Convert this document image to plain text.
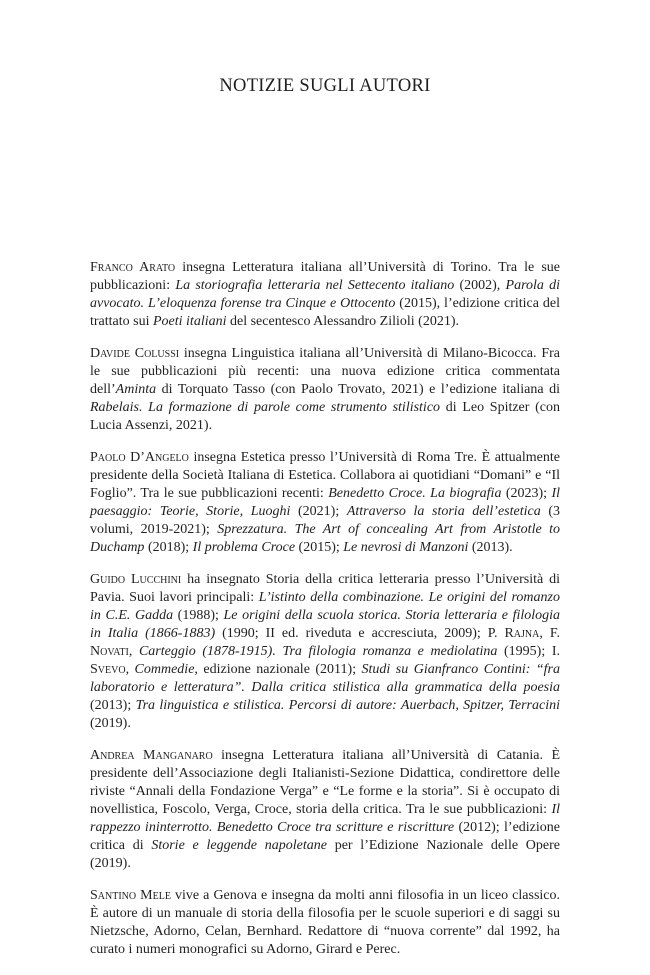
NOTIZIE SUGLI AUTORI

Franco Arato insegna Letteratura italiana all’Università di Torino. Tra le sue pubblicazioni: La storiografia letteraria nel Settecento italiano (2002), Parola di avvocato. L’eloquenza forense tra Cinque e Ottocento (2015), l’edizione critica del trattato sui Poeti italiani del secentesco Alessandro Zilioli (2021).

Davide Colussi insegna Linguistica italiana all’Università di Milano-Bicocca. Fra le sue pubblicazioni più recenti: una nuova edizione critica commentata dell’Aminta di Torquato Tasso (con Paolo Trovato, 2021) e l’edizione italiana di Rabelais. La formazione di parole come strumento stilistico di Leo Spitzer (con Lucia Assenzi, 2021).

Paolo D’Angelo insegna Estetica presso l’Università di Roma Tre. È attualmente presidente della Società Italiana di Estetica. Collabora ai quotidiani “Domani” e “Il Foglio”. Tra le sue pubblicazioni recenti: Benedetto Croce. La biografia (2023); Il paesaggio: Teorie, Storie, Luoghi (2021); Attraverso la storia dell’estetica (3 volumi, 2019-2021); Sprezzatura. The Art of concealing Art from Aristotle to Duchamp (2018); Il problema Croce (2015); Le nevrosi di Manzoni (2013).

Guido Lucchini ha insegnato Storia della critica letteraria presso l’Università di Pavia. Suoi lavori principali: L’istinto della combinazione. Le origini del romanzo in C.E. Gadda (1988); Le origini della scuola storica. Storia letteraria e filologia in Italia (1866-1883) (1990; II ed. riveduta e accresciuta, 2009); P. Rajna, F. Novati, Carteggio (1878-1915). Tra filologia romanza e mediolatina (1995); I. Svevo, Commedie, edizione nazionale (2011); Studi su Gianfranco Contini: “fra laboratorio e letteratura”. Dalla critica stilistica alla grammatica della poesia (2013); Tra linguistica e stilistica. Percorsi di autore: Auerbach, Spitzer, Terracini (2019).

Andrea Manganaro insegna Letteratura italiana all’Università di Catania. È presidente dell’Associazione degli Italianisti-Sezione Didattica, condirettore delle riviste “Annali della Fondazione Verga” e “Le forme e la storia”. Si è occupato di novellistica, Foscolo, Verga, Croce, storia della critica. Tra le sue pubblicazioni: Il rappezzo ininterrotto. Benedetto Croce tra scritture e riscritture (2012); l’edizione critica di Storie e leggende napoletane per l’Edizione Nazionale delle Opere (2019).

Santino Mele vive a Genova e insegna da molti anni filosofia in un liceo classico. È autore di un manuale di storia della filosofia per le scuole superiori e di saggi su Nietzsche, Adorno, Celan, Bernhard. Redattore di “nuova corrente” dal 1992, ha curato i numeri monografici su Adorno, Girard e Perec.
